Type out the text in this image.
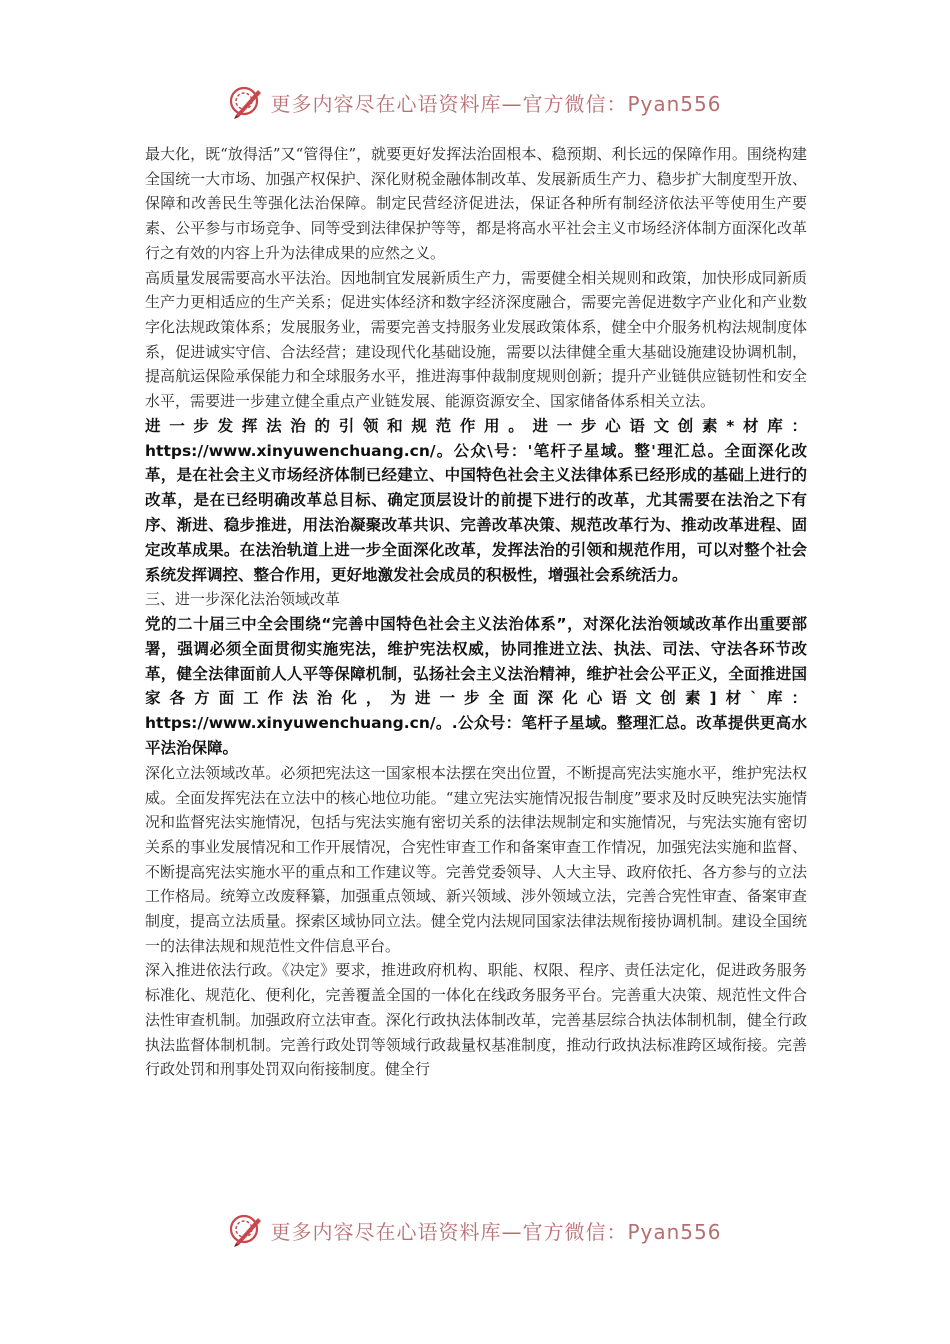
更多内容尽在心语资料库—官方微信：Pyan556

最大化，既“放得活”又“管得住”，就要更好发挥法治固根本、稳预期、利长远的保障作用。围绕构建全国统一大市场、加强产权保护、深化财税金融体制改革、发展新质生产力、稳步扩大制度型开放、保障和改善民生等强化法治保障。制定民营经济促进法，保证各种所有制经济依法平等使用生产要素、公平参与市场竞争、同等受到法律保护等等，都是将高水平社会主义市场经济体制方面深化改革行之有效的内容上升为法律成果的应然之义。

高质量发展需要高水平法治。因地制宜发展新质生产力，需要健全相关规则和政策，加快形成同新质生产力更相适应的生产关系；促进实体经济和数字经济深度融合，需要完善促进数字产业化和产业数字化法规政策体系；发展服务业，需要完善支持服务业发展政策体系，健全中介服务机构法规制度体系，促进诚实守信、合法经营；建设现代化基础设施，需要以法律健全重大基础设施建设协调机制，提高航运保险承保能力和全球服务水平，推进海事仲裁制度规则创新；提升产业链供应链韧性和安全水平，需要进一步建立健全重点产业链发展、能源资源安全、国家储备体系相关立法。

进一步发挥法治的引领和规范作用。进一步心语文创素*材库：https://www.xinyuwenchuang.cn/。公众\号：'笔杆子星域。整'理汇总。全面深化改革，是在社会主义市场经济体制已经建立、中国特色社会主义法律体系已经形成的基础上进行的改革，是在已经明确改革总目标、确定顶层设计的前提下进行的改革，尤其需要在法治之下有序、渐进、稳步推进，用法治凝聚改革共识、完善改革决策、规范改革行为、推动改革进程、固定改革成果。在法治轨道上进一步全面深化改革，发挥法治的引领和规范作用，可以对整个社会系统发挥调控、整合作用，更好地激发社会成员的积极性，增强社会系统活力。

三、进一步深化法治领域改革

党的二十届三中全会围绕“完善中国特色社会主义法治体系”，对深化法治领域改革作出重要部署，强调必须全面贯彻实施宪法，维护宪法权威，协同推进立法、执法、司法、守法各环节改革，健全法律面前人人平等保障机制，弘扬社会主义法治精神，维护社会公平正义，全面推进国家各方面工作法治化，为进一步全面深化心语文创素]材`库：https://www.xinyuwenchuang.cn/。.公众号：笔杆子星域。整理汇总。改革提供更高水平法治保障。

深化立法领域改革。必须把宪法这一国家根本法摆在突出位置，不断提高宪法实施水平，维护宪法权威。全面发挥宪法在立法中的核心地位功能。“建立宪法实施情况报告制度”要求及时反映宪法实施情况和监督宪法实施情况，包括与宪法实施有密切关系的法律法规制定和实施情况，与宪法实施有密切关系的事业发展情况和工作开展情况，合宪性审查工作和备案审查工作情况，加强宪法实施和监督、不断提高宪法实施水平的重点和工作建议等。完善党委领导、人大主导、政府依托、各方参与的立法工作格局。统筹立改废释纂，加强重点领域、新兴领域、涉外领域立法，完善合宪性审查、备案审查制度，提高立法质量。探索区域协同立法。健全党内法规同国家法律法规衔接协调机制。建设全国统一的法律法规和规范性文件信息平台。

深入推进依法行政。《决定》要求，推进政府机构、职能、权限、程序、责任法定化，促进政务服务标准化、规范化、便利化，完善覆盖全国的一体化在线政务服务平台。完善重大决策、规范性文件合法性审查机制。加强政府立法审查。深化行政执法体制改革，完善基层综合执法体制机制，健全行政执法监督体制机制。完善行政处罚等领域行政裁量权基准制度，推动行政执法标准跨区域衔接。完善行政处罚和刑事处罚双向衔接制度。健全行

更多内容尽在心语资料库—官方微信：Pyan556
